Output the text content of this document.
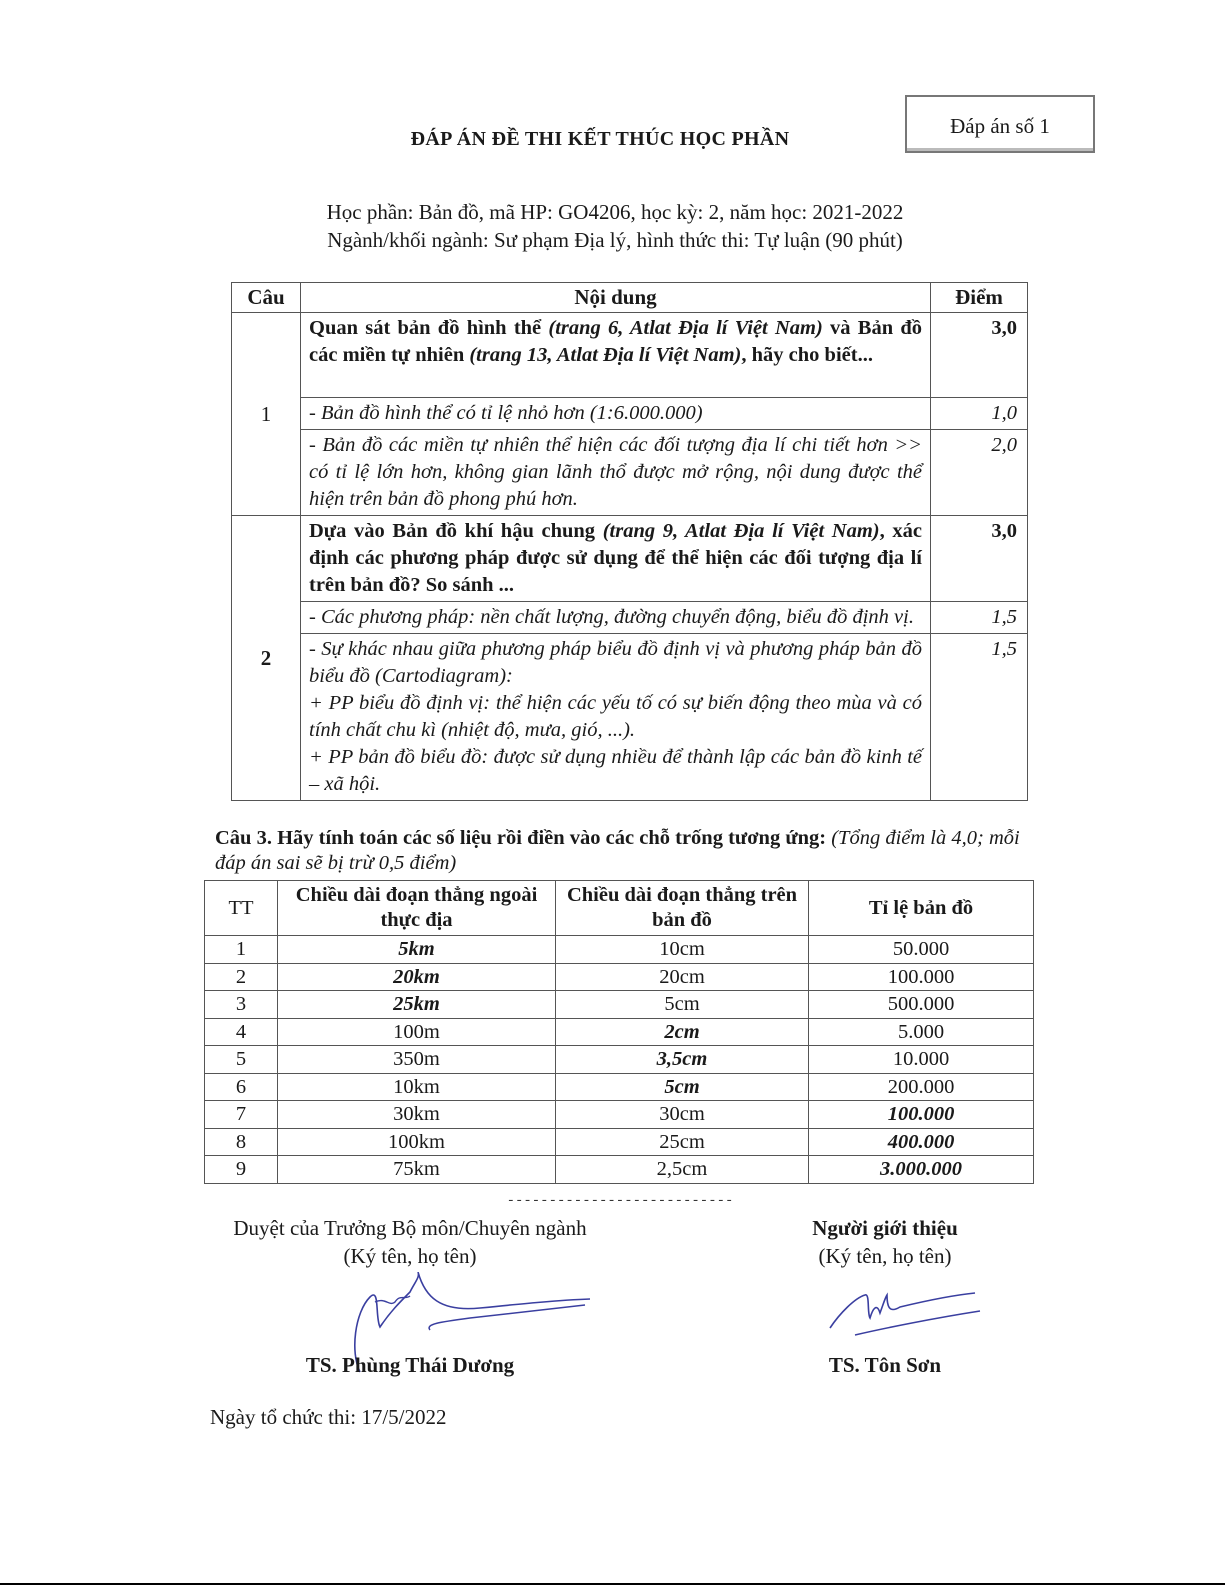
Đáp án số 1
ĐÁP ÁN ĐỀ THI KẾT THÚC HỌC PHẦN
Học phần: Bản đồ, mã HP: GO4206, học kỳ: 2, năm học: 2021-2022
Ngành/khối ngành: Sư phạm Địa lý, hình thức thi: Tự luận (90 phút)
Câu	Nội dung	Điểm
1	Quan sát bản đồ hình thể (trang 6, Atlat Địa lí Việt Nam) và Bản đồ các miền tự nhiên (trang 13, Atlat Địa lí Việt Nam), hãy cho biết...	3,0
	- Bản đồ hình thể có tỉ lệ nhỏ hơn (1:6.000.000)	1,0
	- Bản đồ các miền tự nhiên thể hiện các đối tượng địa lí chi tiết hơn >> có tỉ lệ lớn hơn, không gian lãnh thổ được mở rộng, nội dung được thể hiện trên bản đồ phong phú hơn.	2,0
2	Dựa vào Bản đồ khí hậu chung (trang 9, Atlat Địa lí Việt Nam), xác định các phương pháp được sử dụng để thể hiện các đối tượng địa lí trên bản đồ? So sánh ...	3,0
	- Các phương pháp: nền chất lượng, đường chuyển động, biểu đồ định vị.	1,5

	- Sự khác nhau giữa phương pháp biểu đồ định vị và phương pháp bản đồ biểu đồ (Cartodiagram):
+ PP biểu đồ định vị: thể hiện các yếu tố có sự biến động theo mùa và có tính chất chu kì (nhiệt độ, mưa, gió, ...).
+ PP bản đồ biểu đồ: được sử dụng nhiều để thành lập các bản đồ kinh tế – xã hội.	1,5
Câu 3. Hãy tính toán các số liệu rồi điền vào các chỗ trống tương ứng: (Tổng điểm là 4,0; mỗi đáp án sai sẽ bị trừ 0,5 điểm)
TT	Chiều dài đoạn thẳng ngoài thực địa	Chiều dài đoạn thẳng trên bản đồ	Tỉ lệ bản đồ
1	5km	10cm	50.000
2	20km	20cm	100.000
3	25km	5cm	500.000
4	100m	2cm	5.000
5	350m	3,5cm	10.000
6	10km	5cm	200.000
7	30km	30cm	100.000
8	100km	25cm	400.000
9	75km	2,5cm	3.000.000
---------------------------
Duyệt của Trưởng Bộ môn/Chuyên ngành
(Ký tên, họ tên)
Người giới thiệu
(Ký tên, họ tên)
TS. Phùng Thái Dương	TS. Tôn Sơn
Ngày tổ chức thi: 17/5/2022
